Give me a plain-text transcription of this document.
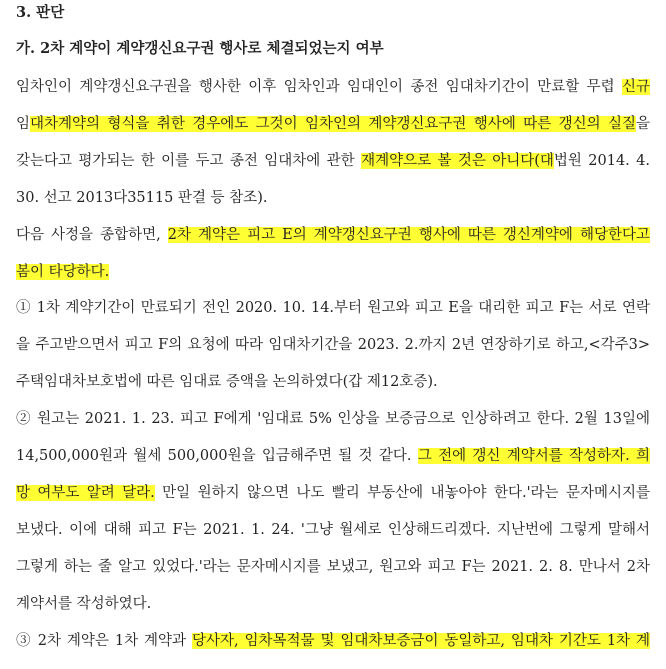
3. 판단
가. 2차 계약이 계약갱신요구권 행사로 체결되었는지 여부
임차인이 계약갱신요구권을 행사한 이후 임차인과 임대인이 종전 임대차기간이 만료할 무렵 신규
임대차계약의 형식을 취한 경우에도 그것이 임차인의 계약갱신요구권 행사에 따른 갱신의 실질을
갖는다고 평가되는 한 이를 두고 종전 임대차에 관한 재계약으로 볼 것은 아니다(대법원 2014. 4.
30. 선고 2013다35115 판결 등 참조).
다음 사정을 종합하면, 2차 계약은 피고 E의 계약갱신요구권 행사에 따른 갱신계약에 해당한다고
봄이 타당하다.
① 1차 계약기간이 만료되기 전인 2020. 10. 14.부터 원고와 피고 E을 대리한 피고 F는 서로 연락
을 주고받으면서 피고 F의 요청에 따라 임대차기간을 2023. 2.까지 2년 연장하기로 하고,<각주3>
주택임대차보호법에 따른 임대료 증액을 논의하였다(갑 제12호증).
② 원고는 2021. 1. 23. 피고 F에게 '임대료 5% 인상을 보증금으로 인상하려고 한다. 2월 13일에
14,500,000원과 월세 500,000원을 입금해주면 될 것 같다. 그 전에 갱신 계약서를 작성하자. 희
망 여부도 알려 달라. 만일 원하지 않으면 나도 빨리 부동산에 내놓아야 한다.'라는 문자메시지를
보냈다. 이에 대해 피고 F는 2021. 1. 24. '그냥 월세로 인상해드리겠다. 지난번에 그렇게 말해서
그렇게 하는 줄 알고 있었다.'라는 문자메시지를 보냈고, 원고와 피고 F는 2021. 2. 8. 만나서 2차
계약서를 작성하였다.
③ 2차 계약은 1차 계약과 당사자, 임차목적물 및 임대차보증금이 동일하고, 임대차 기간도 1차 계
